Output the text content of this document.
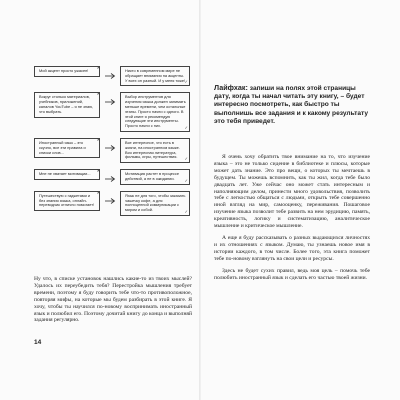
Мой акцент просто ужасен!
✕
Никто в современном мире не обращает внимания на акценты. У всех он разный. И у меня тоже! ✓
Вокруг столько материалов, учебников, приложений, каналов YouTube – я не знаю, что выбрать.
✕
Выбор инструментов для изучения языка должен занимать меньше времени, чем остальные этапы. Просто начни с одного. В этой книге я рекомендую следующие эти инструменты. Просто начни с них.	✓
Иностранный язык – это скучно, все эти правила и списки слов...
✕
Все интересное, что есть в жизни, на иностранном языке. Вся интересная литература, фильмы, игры, путешествия. ✓
Мне не хватает мотивации...
✕
Мотивация растет в процессе действий, а не в ожидании.	✓
Путешествую с гаджетами и без знания языка, онлайн-переводчик отлично помогает!
✕
Язык не для того, чтобы заказать чашечку кофе, а для полноценной коммуникации с миром и собой.	✓
Ну что, в списке установок нашлись какие-то из твоих мыслей? Удалось их переубедить тебя? Перестройка мышления требует времени, поэтому я буду говорить тебе что-то противоположное, повторяя мифы, на которые мы будем разбирать в этой книге. Я хочу, чтобы ты научился по-новому воспринимать иностранный язык и полюбил его. Поэтому дочитай книгу до конца и выполняй задания регулярно.
14
Лайфхак: запиши на полях этой страницы дату, когда ты начал читать эту книгу, – будет интересно посмотреть, как быстро ты выполнишь все задания и к какому результату это тебя приведет.

Я очень хочу обратить твое внимание на то, что изучение языка – это не только сидение в библиотеке и плюсы, которые может дать знание. Это про вещи, о которых ты мечтаешь в будущем. Ты можешь вспомнить, как ты жил, когда тебе было двадцать лет. Уже сейчас оно может стать интересным и наполняющим делом, принести много удовольствия, позволить тебе с легкостью общаться с людьми, открыть тебе совершенно иной взгляд на мир, самооценку, переживания. Пошаговое изучение языка позволит тебе развить на нем эрудицию, память, креативность, логику и систематизацию, аналитическое мышление и критическое мышление.

А еще я буду рассказывать о разных выдающихся личностях и их отношениях с языком. Думаю, ты узнаешь новое имя в истории каждого, в том числе. Более того, эта книга поможет тебе по-новому взглянуть на свои цели и ресурсы.

Здесь не будет сухих правил, ведь моя цель – помочь тебе полюбить иностранный язык и сделать его частью твоей жизни.
